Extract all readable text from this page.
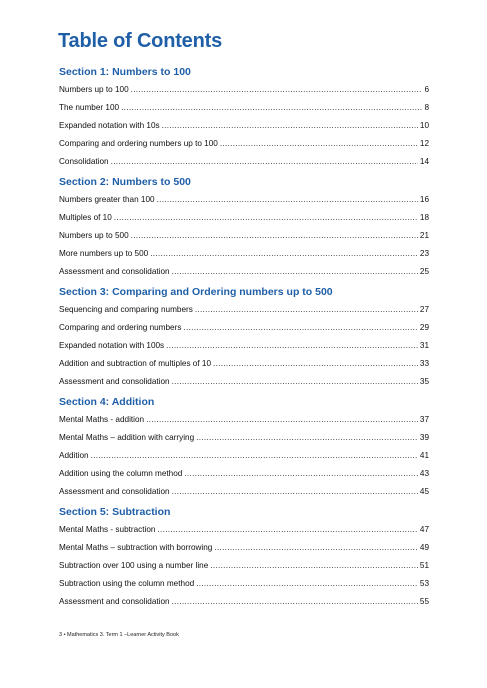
Table of Contents
Section 1: Numbers to 100
Numbers up to 100 .....	6
The number 100 .....	8
Expanded notation with 10s .....	10
Comparing and ordering numbers up to 100 .....	12
Consolidation .....	14
Section 2: Numbers to 500
Numbers greater than 100 .....	16
Multiples of 10 .....	18
Numbers up to 500 .....	21
More numbers up to 500 .....	23
Assessment and consolidation .....	25
Section 3: Comparing and Ordering numbers up to 500
Sequencing and comparing numbers .....	27
Comparing and ordering numbers .....	29
Expanded notation with 100s .....	31
Addition and subtraction of multiples of 10 .....	33
Assessment and consolidation .....	35
Section 4: Addition
Mental Maths - addition .....	37
Mental Maths – addition with carrying .....	39
Addition .....	41
Addition using the column method .....	43
Assessment and consolidation .....	45
Section 5: Subtraction
Mental Maths - subtraction .....	47
Mental Maths – subtraction with borrowing .....	49
Subtraction over 100 using a number line .....	51
Subtraction using the column method .....	53
Assessment and consolidation .....	55
3 • Mathematics 3. Term 1 –Learner Activity Book
